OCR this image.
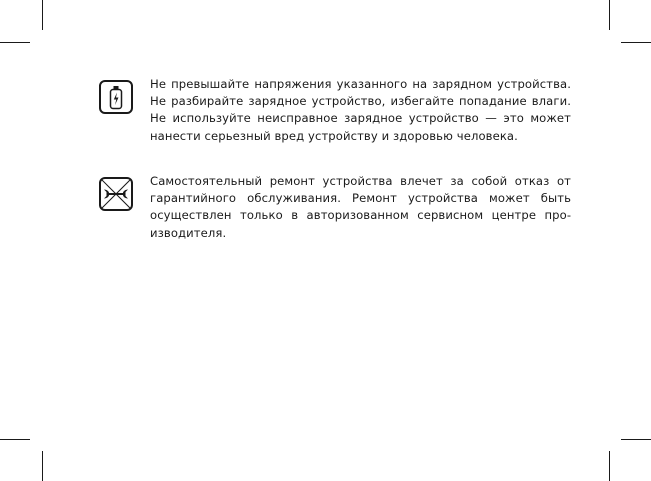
Не превышайте напряжения указанного на зарядном устройства. Не разбирайте зарядное устройство, избегайте попадание влаги. Не используйте неисправное зарядное устройство — это может нанести серьезный вред устройству и здоровью человека.
Самостоятельный ремонт устройства влечет за собой отказ от гарантийного обслуживания. Ремонт устройства может быть осуществлен только в авторизованном сервисном центре производителя.
